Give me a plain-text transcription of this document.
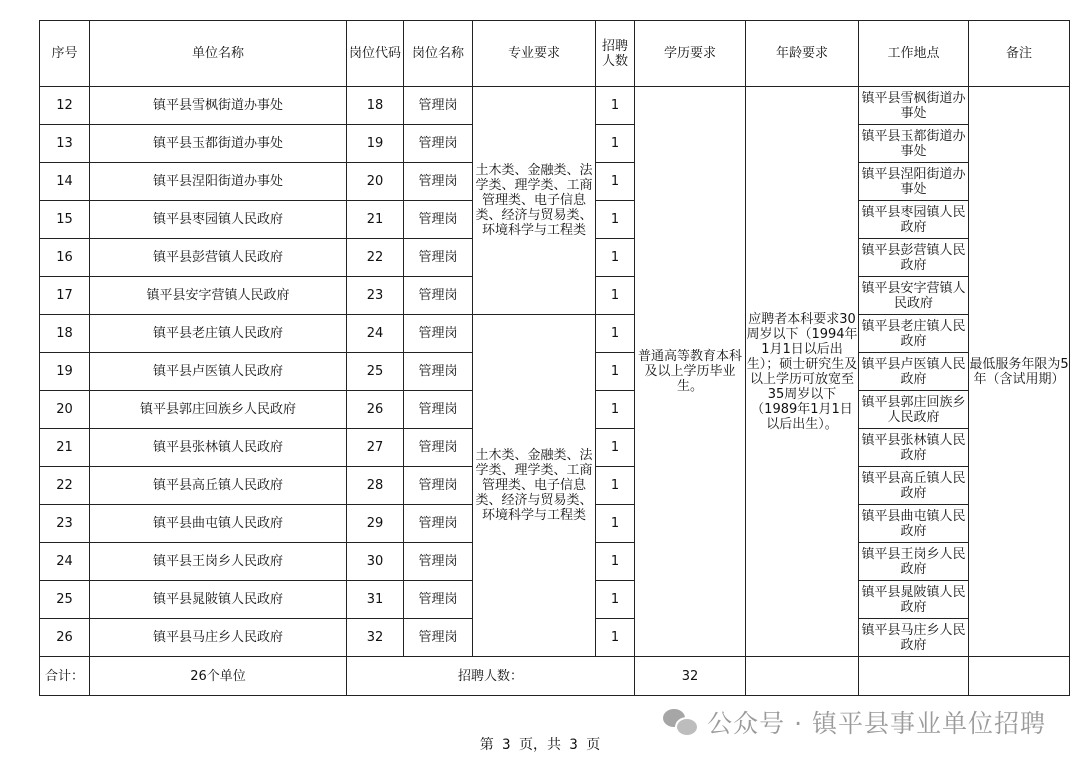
序号	单位名称	岗位代码	岗位名称	专业要求	招聘人数	学历要求	年龄要求	工作地点	备注	
12	镇平县雪枫街道办事处	18	管理岗	土木类、金融类、法学类、理学类、工商管理类、电子信息类、经济与贸易类、环境科学与工程类	1	普通高等教育本科及以上学历毕业生。	应聘者本科要求30周岁以下（1994年1月1日以后出生）；硕士研究生及以上学历可放宽至35周岁以下（1989年1月1日以后出生）。	镇平县雪枫街道办事处	最低服务年限为5年（含试用期）	
13	镇平县玉都街道办事处	19	管理岗		1			镇平县玉都街道办事处		
14	镇平县涅阳街道办事处	20	管理岗		1			镇平县涅阳街道办事处		
15	镇平县枣园镇人民政府	21	管理岗		1			镇平县枣园镇人民政府		
16	镇平县彭营镇人民政府	22	管理岗		1			镇平县彭营镇人民政府		
17	镇平县安字营镇人民政府	23	管理岗		1			镇平县安字营镇人民政府		
18	镇平县老庄镇人民政府	24	管理岗	土木类、金融类、法学类、理学类、工商管理类、电子信息类、经济与贸易类、环境科学与工程类	1			镇平县老庄镇人民政府		
19	镇平县卢医镇人民政府	25	管理岗		1			镇平县卢医镇人民政府		
20	镇平县郭庄回族乡人民政府	26	管理岗		1			镇平县郭庄回族乡人民政府		
21	镇平县张林镇人民政府	27	管理岗		1			镇平县张林镇人民政府		
22	镇平县高丘镇人民政府	28	管理岗		1			镇平县高丘镇人民政府		
23	镇平县曲屯镇人民政府	29	管理岗		1			镇平县曲屯镇人民政府		
24	镇平县王岗乡人民政府	30	管理岗		1			镇平县王岗乡人民政府		
25	镇平县晁陂镇人民政府	31	管理岗		1			镇平县晁陂镇人民政府		
26	镇平县马庄乡人民政府	32	管理岗		1			镇平县马庄乡人民政府		
合计：	26个单位	招聘人数：				32				
公众号 · 镇平县事业单位招聘
第 3 页，共 3 页
